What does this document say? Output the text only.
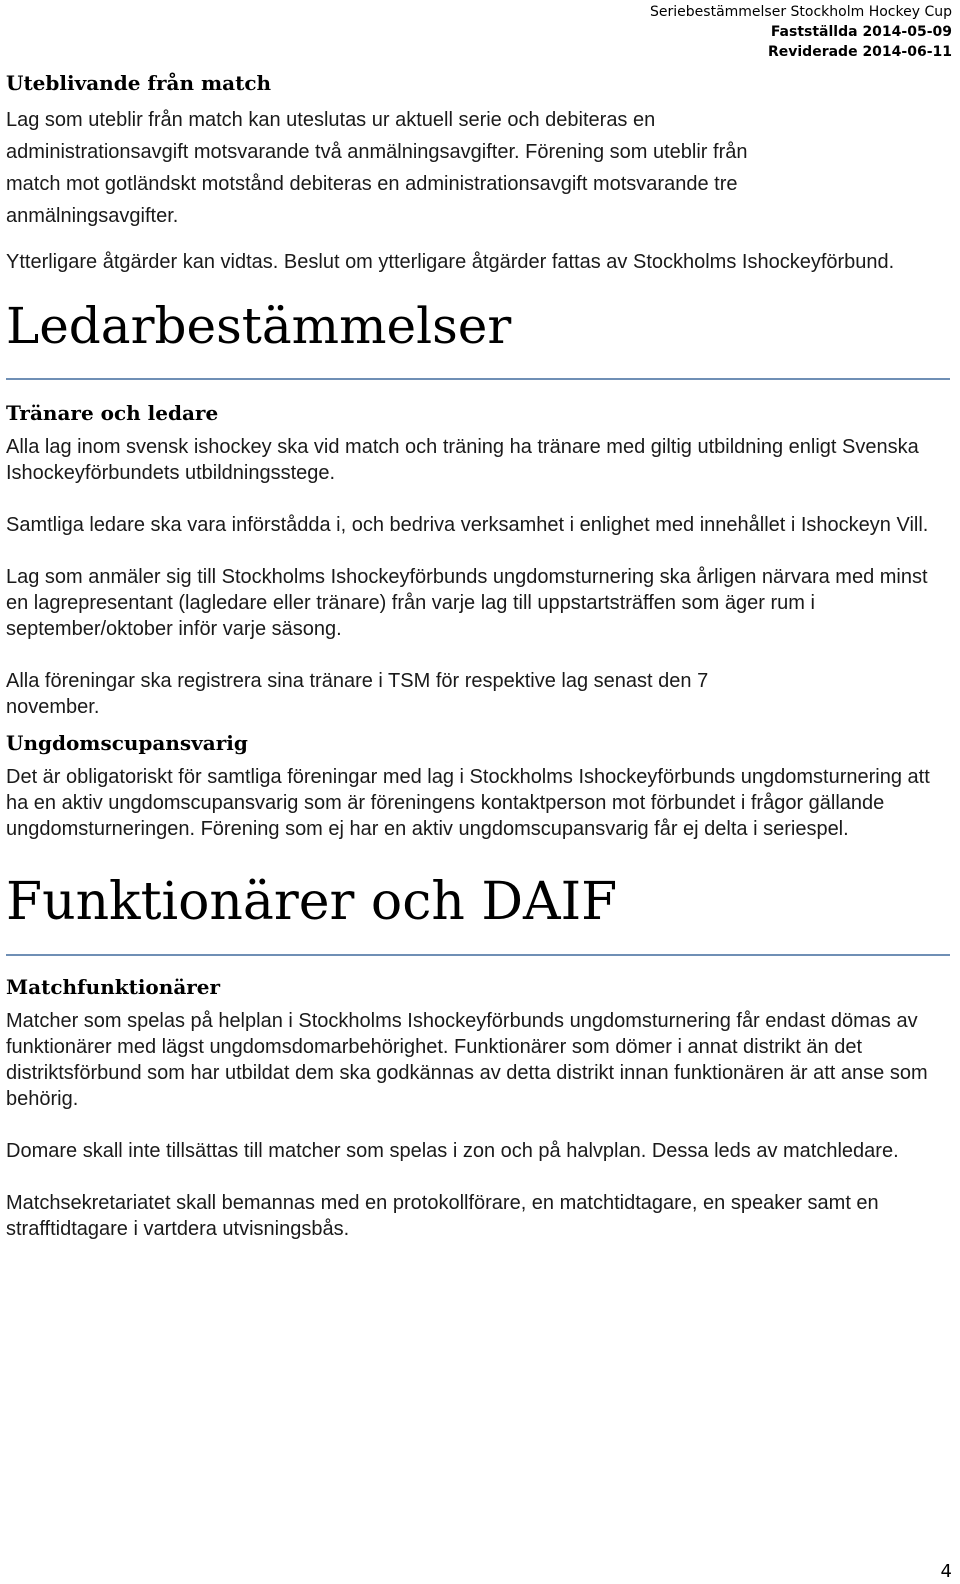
Seriebestämmelser Stockholm Hockey Cup
Fastställda 2014-05-09
Reviderade 2014-06-11
Uteblivande från match

Lag som uteblir från match kan uteslutas ur aktuell serie och debiteras en administrationsavgift motsvarande två anmälningsavgifter. Förening som uteblir från match mot gotländskt motstånd debiteras en administrationsavgift motsvarande tre anmälningsavgifter.

Ytterligare åtgärder kan vidtas. Beslut om ytterligare åtgärder fattas av Stockholms Ishockeyförbund.

Ledarbestämmelser
Tränare och ledare

Alla lag inom svensk ishockey ska vid match och träning ha tränare med giltig utbildning enligt Svenska Ishockeyförbundets utbildningsstege.

Samtliga ledare ska vara införstådda i, och bedriva verksamhet i enlighet med innehållet i Ishockeyn Vill.

Lag som anmäler sig till Stockholms Ishockeyförbunds ungdomsturnering ska årligen närvara med minst en lagrepresentant (lagledare eller tränare) från varje lag till uppstartsträffen som äger rum i september/oktober inför varje säsong.

Alla föreningar ska registrera sina tränare i TSM för respektive lag senast den 7 november.

Ungdomscupansvarig

Det är obligatoriskt för samtliga föreningar med lag i Stockholms Ishockeyförbunds ungdomsturnering att ha en aktiv ungdomscupansvarig som är föreningens kontaktperson mot förbundet i frågor gällande ungdomsturneringen. Förening som ej har en aktiv ungdomscupansvarig får ej delta i seriespel.

Funktionärer och DAIF
Matchfunktionärer

Matcher som spelas på helplan i Stockholms Ishockeyförbunds ungdomsturnering får endast dömas av funktionärer med lägst ungdomsdomarbehörighet. Funktionärer som dömer i annat distrikt än det distriktsförbund som har utbildat dem ska godkännas av detta distrikt innan funktionären är att anse som behörig.

Domare skall inte tillsättas till matcher som spelas i zon och på halvplan. Dessa leds av matchledare.

Matchsekretariatet skall bemannas med en protokollförare, en matchtidtagare, en speaker samt en strafftidtagare i vartdera utvisningsbås.

4
